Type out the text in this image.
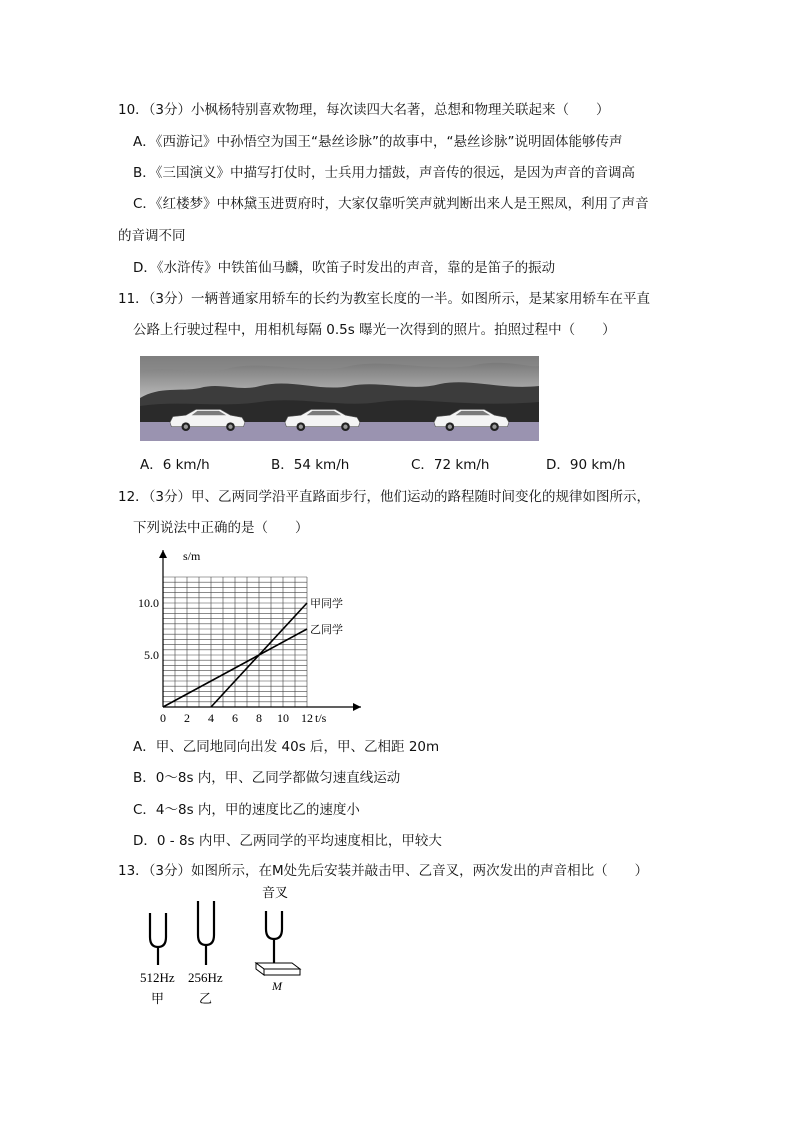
10．（3分）小枫杨特别喜欢物理，每次读四大名著，总想和物理关联起来（　　）
A．《西游记》中孙悟空为国王“悬丝诊脉”的故事中，“悬丝诊脉”说明固体能够传声
B．《三国演义》中描写打仗时，士兵用力擂鼓，声音传的很远，是因为声音的音调高
C．《红楼梦》中林黛玉进贾府时，大家仅靠听笑声就判断出来人是王熙凤，利用了声音
的音调不同
D．《水浒传》中铁笛仙马麟，吹笛子时发出的声音，靠的是笛子的振动
11．（3分）一辆普通家用轿车的长约为教室长度的一半。如图所示，是某家用轿车在平直
公路上行驶过程中，用相机每隔 0.5s 曝光一次得到的照片。拍照过程中（　　）
A．6 km/h	B．54 km/h	C．72 km/h	D．90 km/h
12．（3分）甲、乙两同学沿平直路面步行，他们运动的路程随时间变化的规律如图所示，
下列说法中正确的是（　　）
0 2 4 6 8 10 12
5.0
10.0	甲同学
乙同学
s/m
t/s
A．甲、乙同地同向出发 40s 后，甲、乙相距 20m
B．0～8s 内，甲、乙同学都做匀速直线运动
C．4～8s 内，甲的速度比乙的速度小
D．0 - 8s 内甲、乙两同学的平均速度相比，甲较大
13．（3分）如图所示，在M处先后安装并敲击甲、乙音叉，两次发出的声音相比（　　）
512Hz
甲
256Hz
乙
音叉
M
